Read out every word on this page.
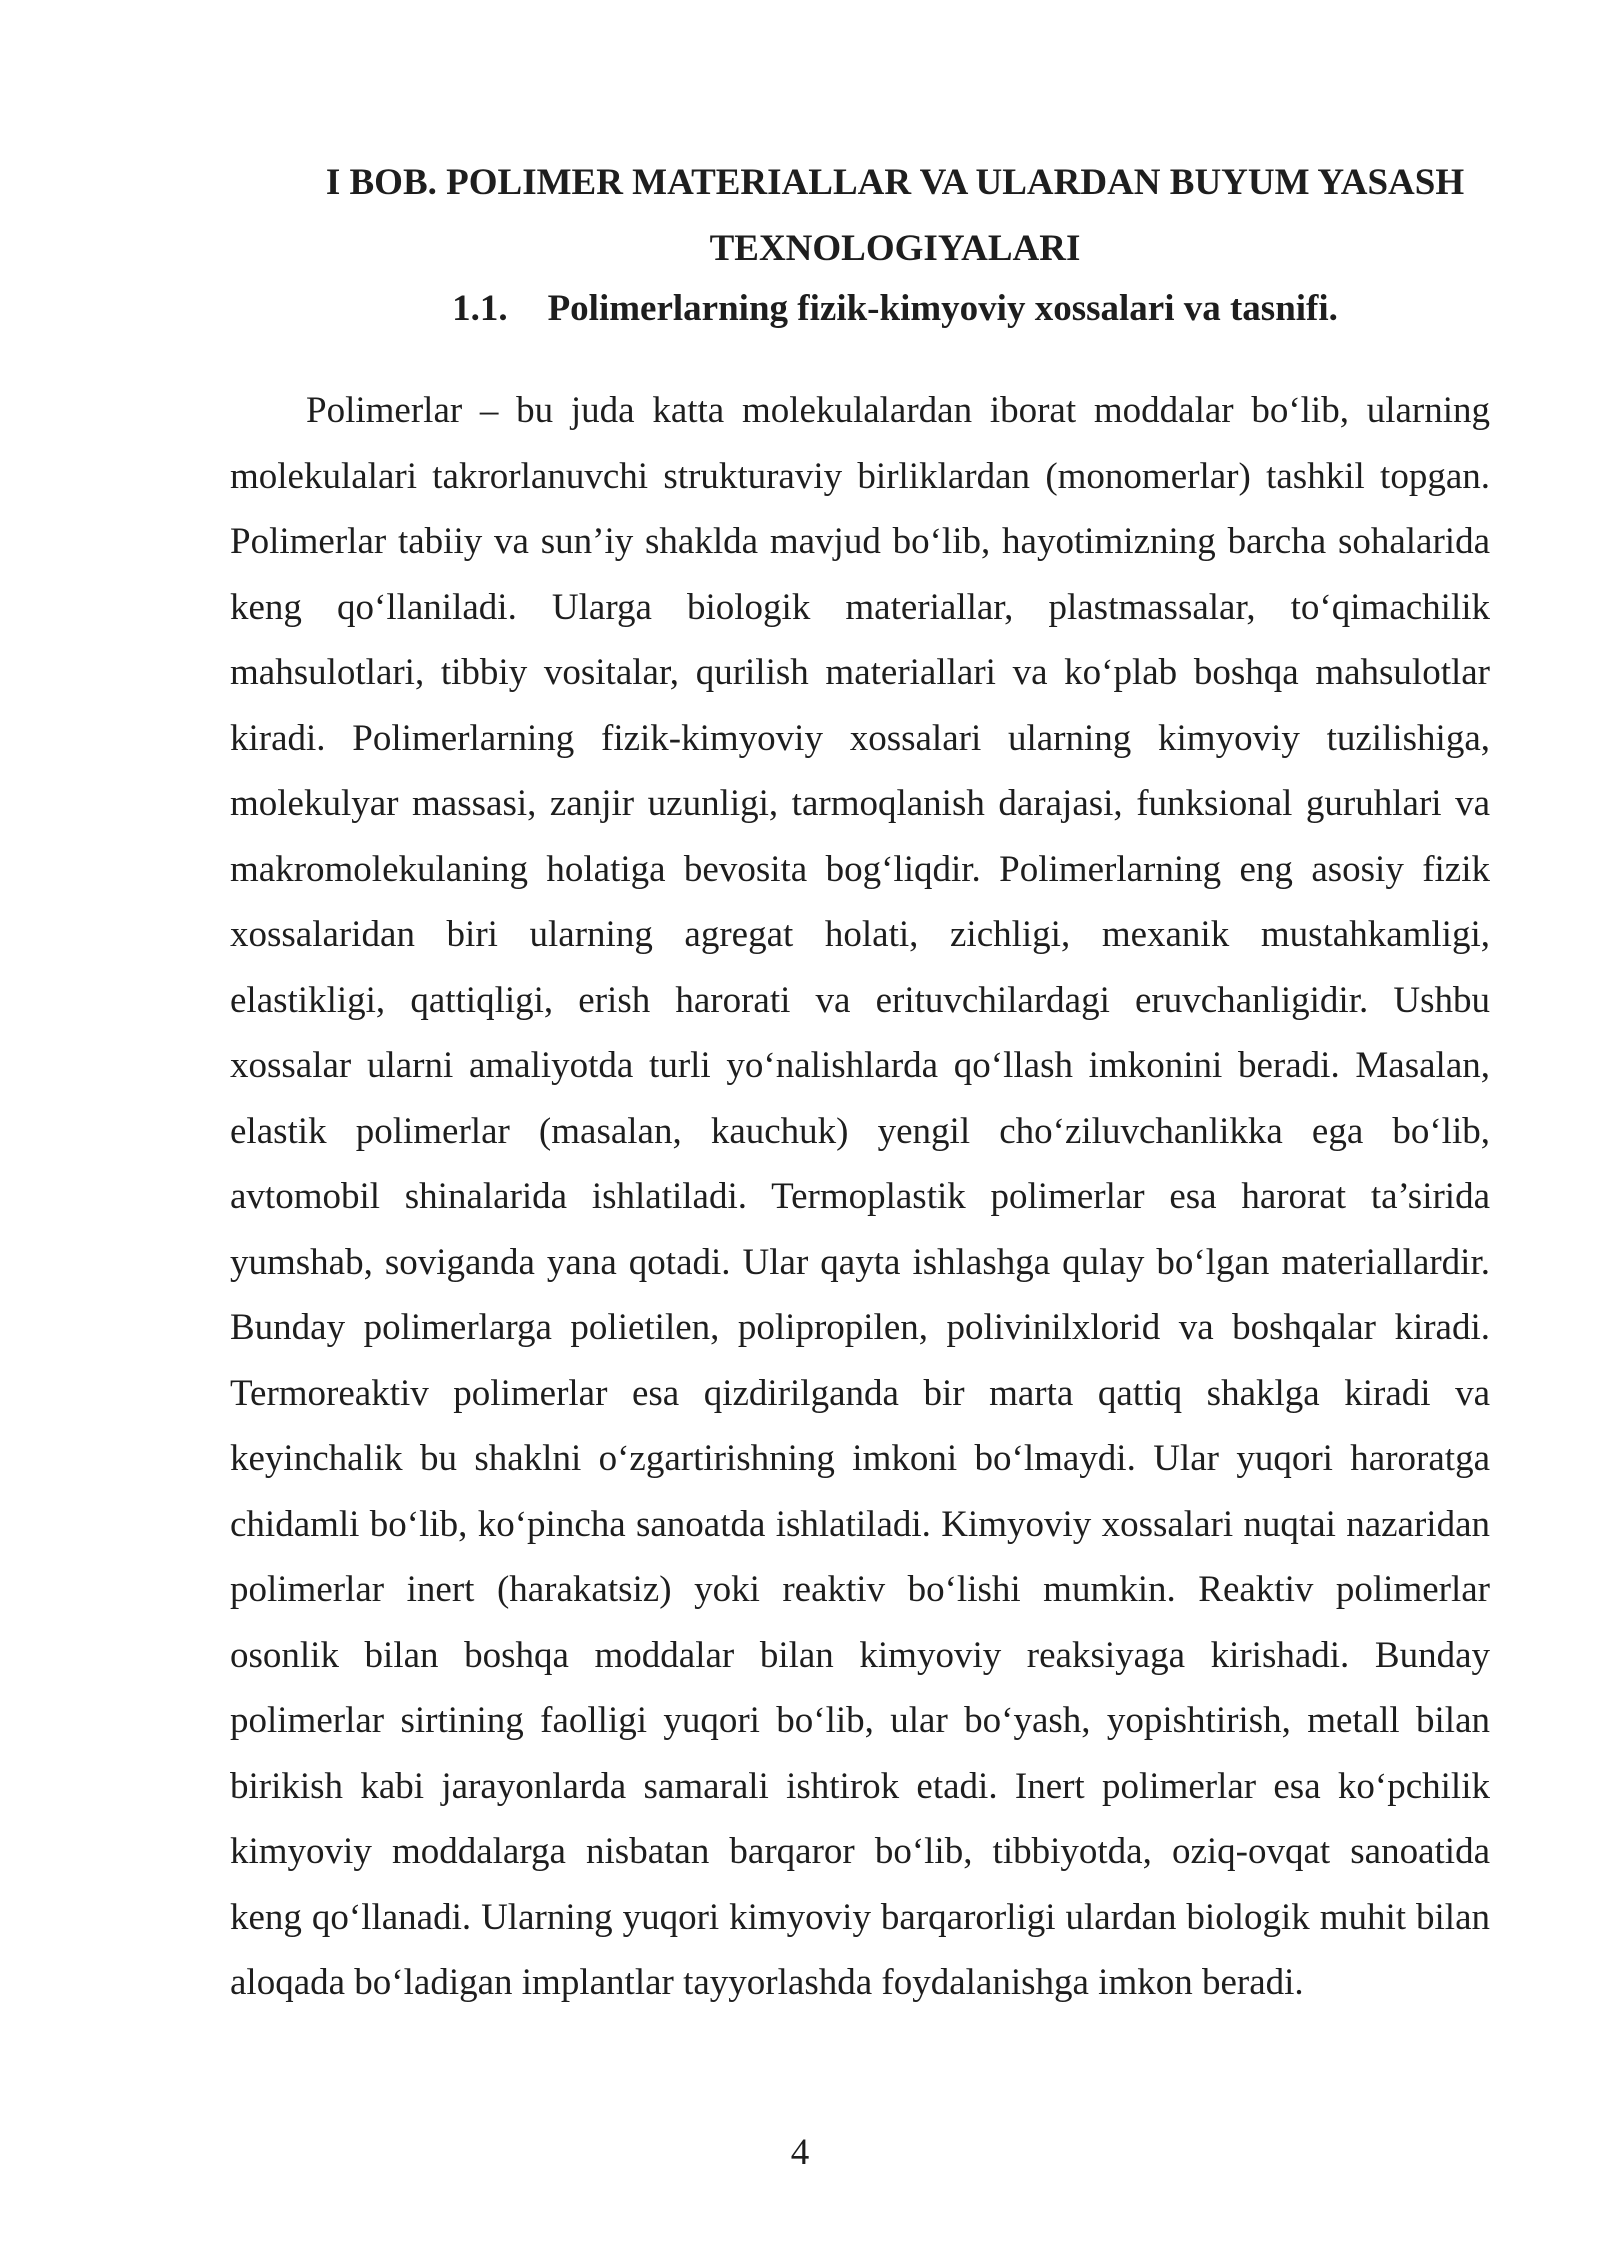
I BOB. POLIMER MATERIALLAR VA ULARDAN BUYUM YASASH TEXNOLOGIYALARI
1.1. Polimerlarning fizik-kimyoviy xossalari va tasnifi.

Polimerlar – bu juda katta molekulalardan iborat moddalar bo‘lib, ularning molekulalari takrorlanuvchi strukturaviy birliklardan (monomerlar) tashkil topgan. Polimerlar tabiiy va sun’iy shaklda mavjud bo‘lib, hayotimizning barcha sohalarida keng qo‘llaniladi. Ularga biologik materiallar, plastmassalar, to‘qimachilik mahsulotlari, tibbiy vositalar, qurilish materiallari va ko‘plab boshqa mahsulotlar kiradi. Polimerlarning fizik-kimyoviy xossalari ularning kimyoviy tuzilishiga, molekulyar massasi, zanjir uzunligi, tarmoqlanish darajasi, funksional guruhlari va makromolekulaning holatiga bevosita bog‘liqdir. Polimerlarning eng asosiy fizik xossalaridan biri ularning agregat holati, zichligi, mexanik mustahkamligi, elastikligi, qattiqligi, erish harorati va erituvchilardagi eruvchanligidir. Ushbu xossalar ularni amaliyotda turli yo‘nalishlarda qo‘llash imkonini beradi. Masalan, elastik polimerlar (masalan, kauchuk) yengil cho‘ziluvchanlikka ega bo‘lib, avtomobil shinalarida ishlatiladi. Termoplastik polimerlar esa harorat ta’sirida yumshab, soviganda yana qotadi. Ular qayta ishlashga qulay bo‘lgan materiallardir. Bunday polimerlarga polietilen, polipropilen, polivinilxlorid va boshqalar kiradi. Termoreaktiv polimerlar esa qizdirilganda bir marta qattiq shaklga kiradi va keyinchalik bu shaklni o‘zgartirishning imkoni bo‘lmaydi. Ular yuqori haroratga chidamli bo‘lib, ko‘pincha sanoatda ishlatiladi. Kimyoviy xossalari nuqtai nazaridan polimerlar inert (harakatsiz) yoki reaktiv bo‘lishi mumkin. Reaktiv polimerlar osonlik bilan boshqa moddalar bilan kimyoviy reaksiyaga kirishadi. Bunday polimerlar sirtining faolligi yuqori bo‘lib, ular bo‘yash, yopishtirish, metall bilan birikish kabi jarayonlarda samarali ishtirok etadi. Inert polimerlar esa ko‘pchilik kimyoviy moddalarga nisbatan barqaror bo‘lib, tibbiyotda, oziq-ovqat sanoatida keng qo‘llanadi. Ularning yuqori kimyoviy barqarorligi ulardan biologik muhit bilan aloqada bo‘ladigan implantlar tayyorlashda foydalanishga imkon beradi.

4
